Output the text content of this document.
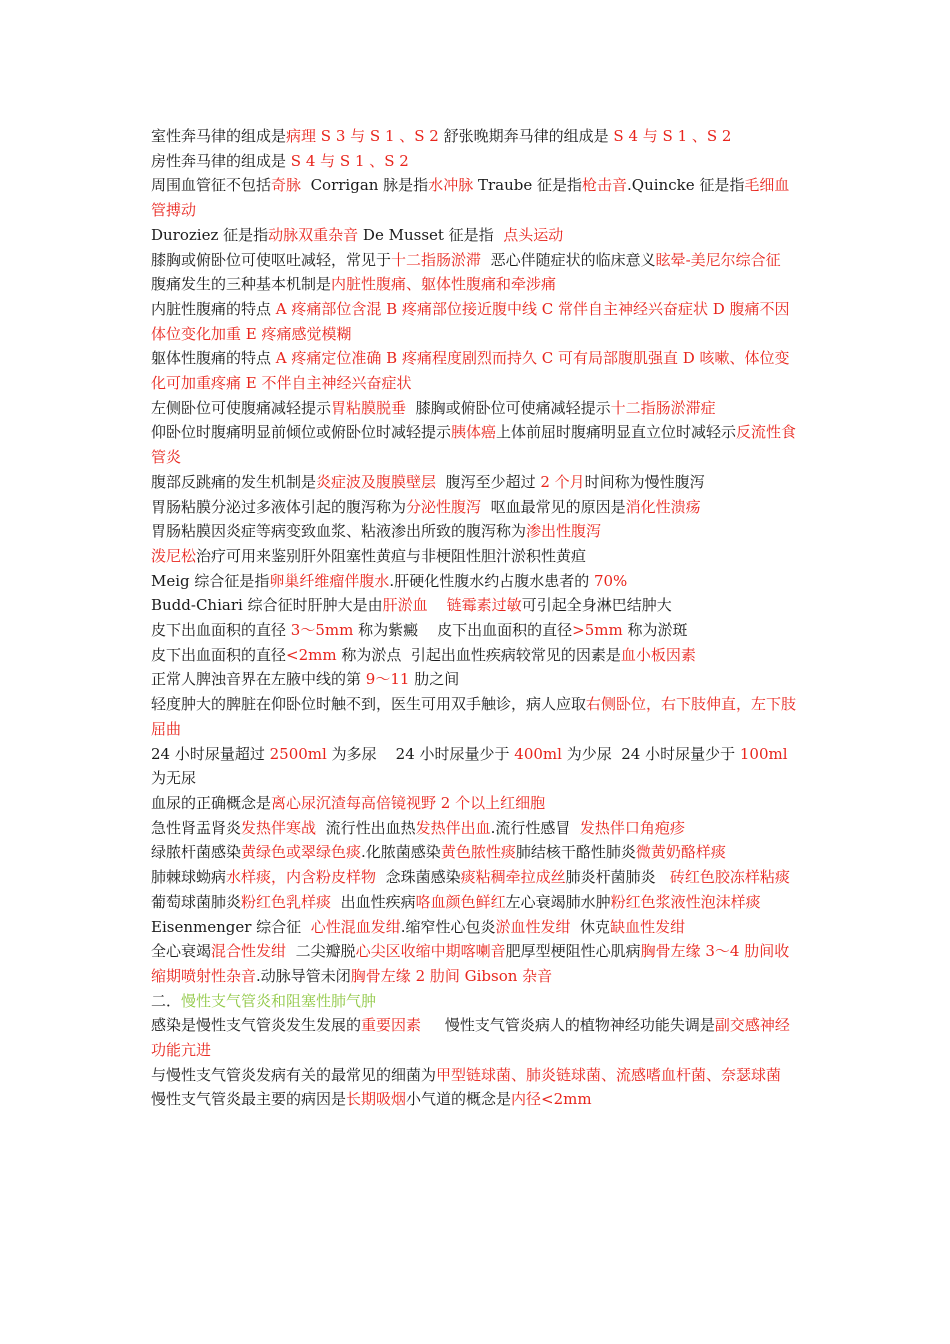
室性奔马律的组成是病理 S 3 与 S 1 、S 2 舒张晚期奔马律的组成是 S 4 与 S 1 、S 2

房性奔马律的组成是 S 4 与 S 1 、S 2

周围血管征不包括奇脉  Corrigan 脉是指水冲脉 Traube 征是指枪击音.Quincke 征是指毛细血管搏动

Duroziez 征是指动脉双重杂音 De Musset 征是指  点头运动

膝胸或俯卧位可使呕吐减轻，常见于十二指肠淤滞  恶心伴随症状的临床意义眩晕-美尼尔综合征

腹痛发生的三种基本机制是内脏性腹痛、躯体性腹痛和牵涉痛

内脏性腹痛的特点 A 疼痛部位含混 B 疼痛部位接近腹中线 C 常伴自主神经兴奋症状 D 腹痛不因体位变化加重 E 疼痛感觉模糊

躯体性腹痛的特点 A 疼痛定位准确 B 疼痛程度剧烈而持久 C 可有局部腹肌强直 D 咳嗽、体位变化可加重疼痛 E 不伴自主神经兴奋症状

左侧卧位可使腹痛减轻提示胃粘膜脱垂  膝胸或俯卧位可使痛减轻提示十二指肠淤滞症

仰卧位时腹痛明显前倾位或俯卧位时减轻提示胰体癌上体前屈时腹痛明显直立位时减轻示反流性食管炎

腹部反跳痛的发生机制是炎症波及腹膜壁层  腹泻至少超过 2 个月时间称为慢性腹泻

胃肠粘膜分泌过多液体引起的腹泻称为分泌性腹泻  呕血最常见的原因是消化性溃疡

胃肠粘膜因炎症等病变致血浆、粘液渗出所致的腹泻称为渗出性腹泻

泼尼松治疗可用来鉴别肝外阻塞性黄疸与非梗阻性胆汁淤积性黄疸

Meig 综合征是指卵巢纤维瘤伴腹水.肝硬化性腹水约占腹水患者的 70%

Budd-Chiari 综合征时肝肿大是由肝淤血 链霉素过敏可引起全身淋巴结肿大

皮下出血面积的直径 3～5mm 称为紫癜    皮下出血面积的直径>5mm 称为淤斑

皮下出血面积的直径<2mm 称为淤点  引起出血性疾病较常见的因素是血小板因素

正常人脾浊音界在左腋中线的第 9～11 肋之间

轻度肿大的脾脏在仰卧位时触不到，医生可用双手触诊，病人应取右侧卧位，右下肢伸直，左下肢屈曲

24 小时尿量超过 2500ml 为多尿    24 小时尿量少于 400ml 为少尿  24 小时尿量少于 100ml 为无尿

血尿的正确概念是离心尿沉渣每高倍镜视野 2 个以上红细胞

急性肾盂肾炎发热伴寒战  流行性出血热发热伴出血.流行性感冒  发热伴口角疱疹

绿脓杆菌感染黄绿色或翠绿色痰.化脓菌感染黄色脓性痰肺结核干酪性肺炎微黄奶酪样痰

肺棘球蚴病水样痰，内含粉皮样物  念珠菌感染痰粘稠牵拉成丝肺炎杆菌肺炎   砖红色胶冻样粘痰

葡萄球菌肺炎粉红色乳样痰  出血性疾病咯血颜色鲜红左心衰竭肺水肿粉红色浆液性泡沫样痰

Eisenmenger 综合征  心性混血发绀.缩窄性心包炎淤血性发绀  休克缺血性发绀

全心衰竭混合性发绀  二尖瓣脱心尖区收缩中期喀喇音肥厚型梗阻性心肌病胸骨左缘 3～4 肋间收缩期喷射性杂音.动脉导管未闭胸骨左缘 2 肋间 Gibson 杂音

二．慢性支气管炎和阻塞性肺气肿

感染是慢性支气管炎发生发展的重要因素     慢性支气管炎病人的植物神经功能失调是副交感神经功能亢进

与慢性支气管炎发病有关的最常见的细菌为甲型链球菌、肺炎链球菌、流感嗜血杆菌、奈瑟球菌

慢性支气管炎最主要的病因是长期吸烟小气道的概念是内径<2mm
